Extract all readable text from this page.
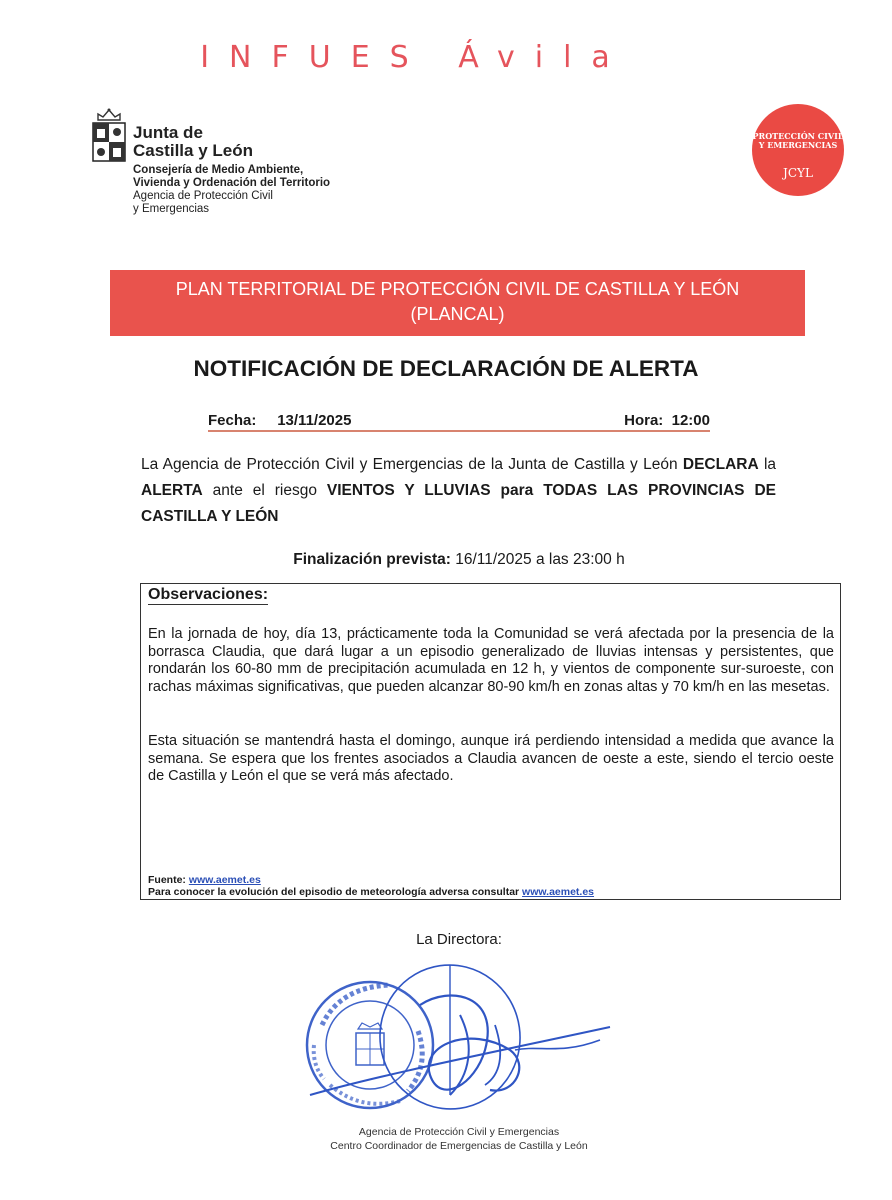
INFUES Ávila
Junta de
Castilla y León
Consejería de Medio Ambiente,
Vivienda y Ordenación del Territorio
Agencia de Protección Civil
y Emergencias
PROTECCIÓN CIVIL
Y EMERGENCIAS
JCYL
PLAN TERRITORIAL DE PROTECCIÓN CIVIL DE CASTILLA Y LEÓN
(PLANCAL)
NOTIFICACIÓN DE DECLARACIÓN DE ALERTA
Fecha: 13/11/2025	Hora: 12:00
La Agencia de Protección Civil y Emergencias de la Junta de Castilla y León DECLARA la ALERTA ante el riesgo VIENTOS Y LLUVIAS para TODAS LAS PROVINCIAS DE CASTILLA Y LEÓN
Finalización prevista: 16/11/2025 a las 23:00 h
Observaciones:
En la jornada de hoy, día 13, prácticamente toda la Comunidad se verá afectada por la presencia de la borrasca Claudia, que dará lugar a un episodio generalizado de lluvias intensas y persistentes, que rondarán los 60-80 mm de precipitación acumulada en 12 h, y vientos de componente sur-suroeste, con rachas máximas significativas, que pueden alcanzar 80-90 km/h en zonas altas y 70 km/h en las mesetas.
Esta situación se mantendrá hasta el domingo, aunque irá perdiendo intensidad a medida que avance la semana. Se espera que los frentes asociados a Claudia avancen de oeste a este, siendo el tercio oeste de Castilla y León el que se verá más afectado.
Fuente: www.aemet.es
Para conocer la evolución del episodio de meteorología adversa consultar www.aemet.es
La Directora:
Agencia de Protección Civil y Emergencias
Centro Coordinador de Emergencias de Castilla y León
